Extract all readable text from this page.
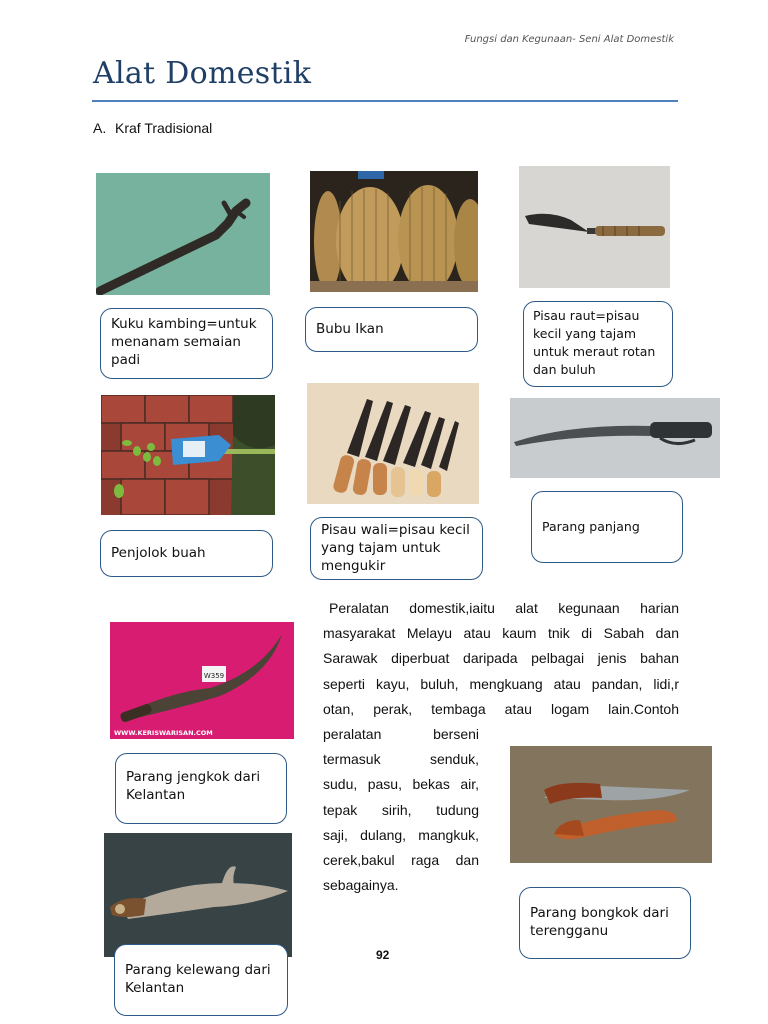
Fungsi dan Kegunaan- Seni Alat Domestik
Alat Domestik
A. Kraf Tradisional
Kuku kambing=untuk menanam semaian padi
Bubu Ikan
Pisau raut=pisau kecil yang tajam untuk meraut rotan dan buluh
Penjolok buah
Pisau wali=pisau kecil yang tajam untuk mengukir
Parang panjang
W359
WWW.KERISWARISAN.COM
Peralatan domestik,iaitu alat kegunaan harian
masyarakat Melayu atau kaum tnik di Sabah dan
Sarawak diperbuat daripada pelbagai jenis bahan
seperti kayu, buluh, mengkuang atau pandan, lidi,r
otan, perak, tembaga atau logam lain.Contoh
peralatan berseni
termasuk senduk,
sudu, pasu, bekas air,
tepak sirih, tudung
saji, dulang, mangkuk,
cerek,bakul raga dan
sebagainya.
Parang jengkok dari Kelantan
Parang bongkok dari terengganu
Parang kelewang dari Kelantan
92
